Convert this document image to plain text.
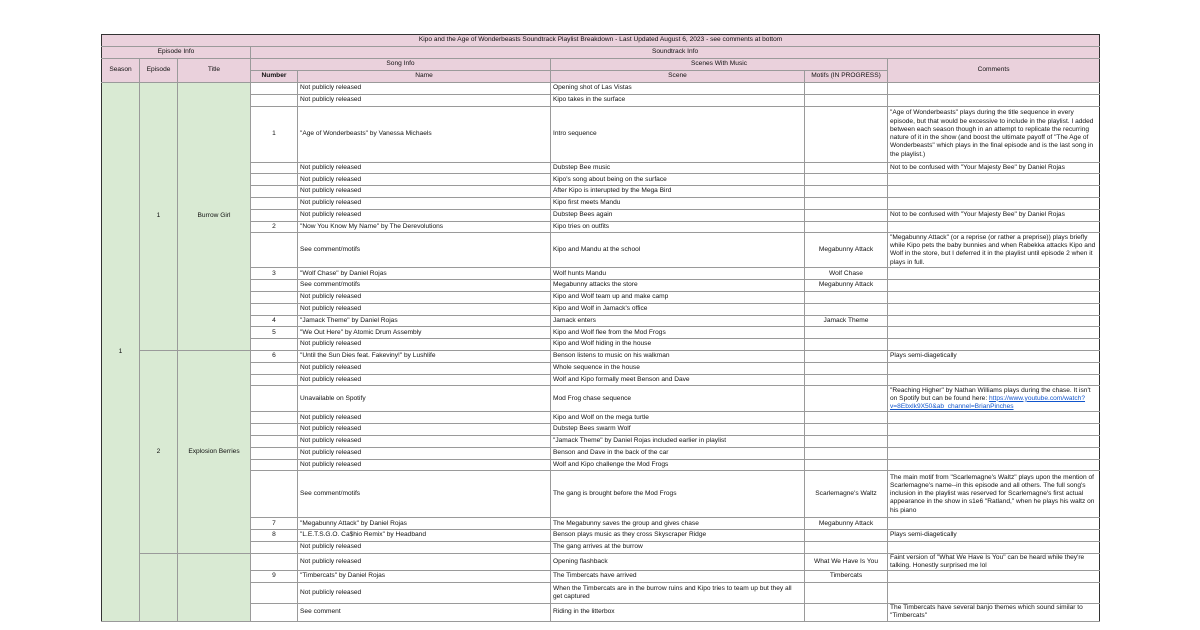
Kipo and the Age of Wonderbeasts Soundtrack Playlist Breakdown - Last Updated August 6, 2023 - see comments at bottom							
Episode Info			Soundtrack Info				
Season	Episode	Title	Song Info		Scenes With Music		Comments
			Number	Name	Scene	Motifs (IN PROGRESS)	
1	1	Burrow Girl		Not publicly released	Opening shot of Las Vistas		
				Not publicly released	Kipo takes in the surface		
			1	"Age of Wonderbeasts" by Vanessa Michaels	Intro sequence		"Age of Wonderbeasts" plays during the title sequence in every episode, but that would be excessive to include in the playlist. I added between each season though in an attempt to replicate the recurring nature of it in the show (and boost the ultimate payoff of "The Age of Wonderbeasts" which plays in the final episode and is the last song in the playlist.)
				Not publicly released	Dubstep Bee music		Not to be confused with "Your Majesty Bee" by Daniel Rojas
				Not publicly released	Kipo's song about being on the surface		
				Not publicly released	After Kipo is interupted by the Mega Bird		
				Not publicly released	Kipo first meets Mandu		
				Not publicly released	Dubstep Bees again		Not to be confused with "Your Majesty Bee" by Daniel Rojas
			2	"Now You Know My Name" by The Derevolutions	Kipo tries on outfits		
				See comment/motifs	Kipo and Mandu at the school	Megabunny Attack	"Megabunny Attack" (or a reprise (or rather a preprise)) plays briefly while Kipo pets the baby bunnies and when Rabekka attacks Kipo and Wolf in the store, but I deferred it in the playlist until episode 2 when it plays in full.
			3	"Wolf Chase" by Daniel Rojas	Wolf hunts Mandu	Wolf Chase	
				See comment/motifs	Megabunny attacks the store	Megabunny Attack	
				Not publicly released	Kipo and Wolf team up and make camp		
				Not publicly released	Kipo and Wolf in Jamack's office		
			4	"Jamack Theme" by Daniel Rojas	Jamack enters	Jamack Theme	
			5	"We Out Here" by Atomic Drum Assembly	Kipo and Wolf flee from the Mod Frogs		
				Not publicly released	Kipo and Wolf hiding in the house		
	2	Explosion Berries	6	"Until the Sun Dies feat. Fakeviny!" by Lushlife	Benson listens to music on his walkman		Plays semi-diagetically
				Not publicly released	Whole sequence in the house		
				Not publicly released	Wolf and Kipo formally meet Benson and Dave		
				Unavailable on Spotify	Mod Frog chase sequence		"Reaching Higher" by Nathan Williams plays during the chase. It isn't on Spotify but can be found here: https://www.youtube.com/watch?v=8Ebxlk9X50&ab_channel=BrianPinches
				Not publicly released	Kipo and Wolf on the mega turtle		
				Not publicly released	Dubstep Bees swarm Wolf		
				Not publicly released	"Jamack Theme" by Daniel Rojas included earlier in playlist		
				Not publicly released	Benson and Dave in the back of the car		
				Not publicly released	Wolf and Kipo challenge the Mod Frogs		
				See comment/motifs	The gang is brought before the Mod Frogs	Scarlemagne's Waltz	The main motif from "Scarlemagne's Waltz" plays upon the mention of Scarlemagne's name--in this episode and all others. The full song's inclusion in the playlist was reserved for Scarlemagne's first actual appearance in the show in s1e6 "Ratland," when he plays his waltz on his piano
			7	"Megabunny Attack" by Daniel Rojas	The Megabunny saves the group and gives chase	Megabunny Attack	
			8	"L.E.T.S.G.O. Ca$hio Remix" by Headband	Benson plays music as they cross Skyscraper Ridge		Plays semi-diagetically
				Not publicly released	The gang arrives at the burrow		
				Not publicly released	Opening flashback	What We Have Is You	Faint version of "What We Have Is You" can be heard while they're talking. Honestly surprised me lol
			9	"Timbercats" by Daniel Rojas	The Timbercats have arrived	Timbercats	
				Not publicly released	When the Timbercats are in the burrow ruins and Kipo tries to team up but they all get captured		
				See comment	Riding in the litterbox		The Timbercats have several banjo themes which sound similar to "Timbercats"
